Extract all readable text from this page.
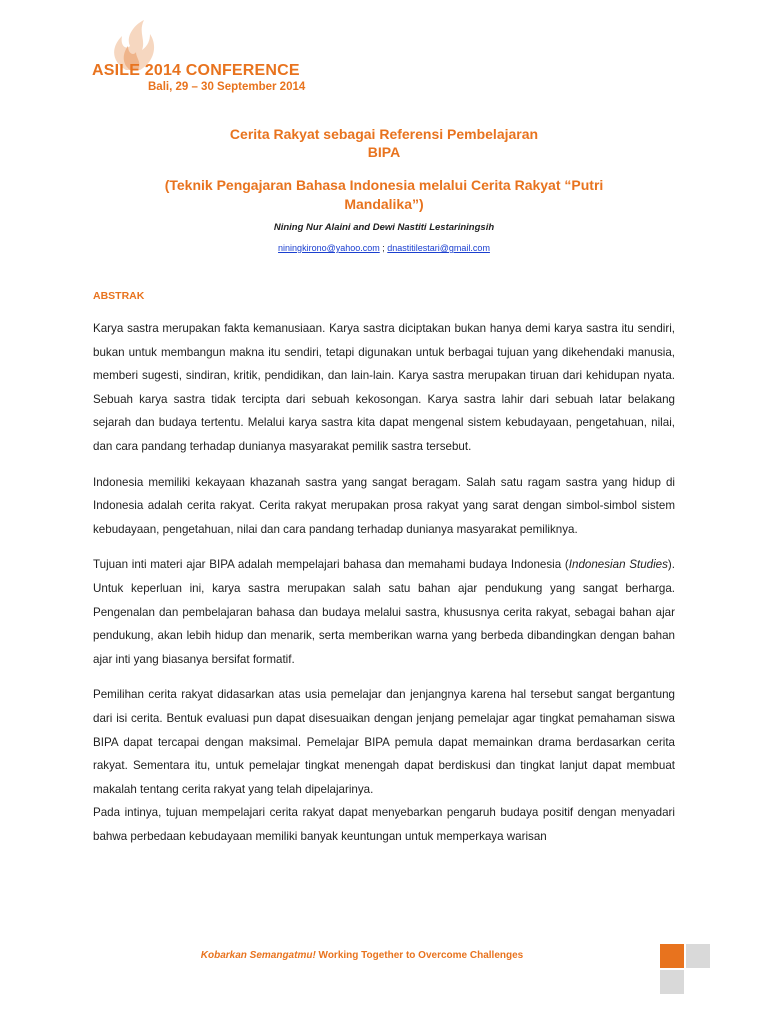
ASILE 2014 CONFERENCE
Bali, 29 – 30 September 2014
Cerita Rakyat sebagai Referensi Pembelajaran
BIPA
(Teknik Pengajaran Bahasa Indonesia melalui Cerita Rakyat “Putri
Mandalika”)
Nining Nur Alaini and Dewi Nastiti Lestariningsih
niningkirono@yahoo.com ; dnastitilestari@gmail.com
ABSTRAK

Karya sastra merupakan fakta kemanusiaan. Karya sastra diciptakan bukan hanya demi karya sastra itu sendiri, bukan untuk membangun makna itu sendiri, tetapi digunakan untuk berbagai tujuan yang dikehendaki manusia, memberi sugesti, sindiran, kritik, pendidikan, dan lain-lain. Karya sastra merupakan tiruan dari kehidupan nyata. Sebuah karya sastra tidak tercipta dari sebuah kekosongan. Karya sastra lahir dari sebuah latar belakang sejarah dan budaya tertentu. Melalui karya sastra kita dapat mengenal sistem kebudayaan, pengetahuan, nilai, dan cara pandang terhadap dunianya masyarakat pemilik sastra tersebut.

Indonesia memiliki kekayaan khazanah sastra yang sangat beragam. Salah satu ragam sastra yang hidup di Indonesia adalah cerita rakyat. Cerita rakyat merupakan prosa rakyat yang sarat dengan simbol-simbol sistem kebudayaan, pengetahuan, nilai dan cara pandang terhadap dunianya masyarakat pemiliknya.

Tujuan inti materi ajar BIPA adalah mempelajari bahasa dan memahami budaya Indonesia (Indonesian Studies). Untuk keperluan ini, karya sastra merupakan salah satu bahan ajar pendukung yang sangat berharga. Pengenalan dan pembelajaran bahasa dan budaya melalui sastra, khususnya cerita rakyat, sebagai bahan ajar pendukung, akan lebih hidup dan menarik, serta memberikan warna yang berbeda dibandingkan dengan bahan ajar inti yang biasanya bersifat formatif.

Pemilihan cerita rakyat didasarkan atas usia pemelajar dan jenjangnya karena hal tersebut sangat bergantung dari isi cerita. Bentuk evaluasi pun dapat disesuaikan dengan jenjang pemelajar agar tingkat pemahaman siswa BIPA dapat tercapai dengan maksimal. Pemelajar BIPA pemula dapat memainkan drama berdasarkan cerita rakyat. Sementara itu, untuk pemelajar tingkat menengah dapat berdiskusi dan tingkat lanjut dapat membuat makalah tentang cerita rakyat yang telah dipelajarinya.

Pada intinya, tujuan mempelajari cerita rakyat dapat menyebarkan pengaruh budaya positif dengan menyadari bahwa perbedaan kebudayaan memiliki banyak keuntungan untuk memperkaya warisan

Kobarkan Semangatmu! Working Together to Overcome Challenges
